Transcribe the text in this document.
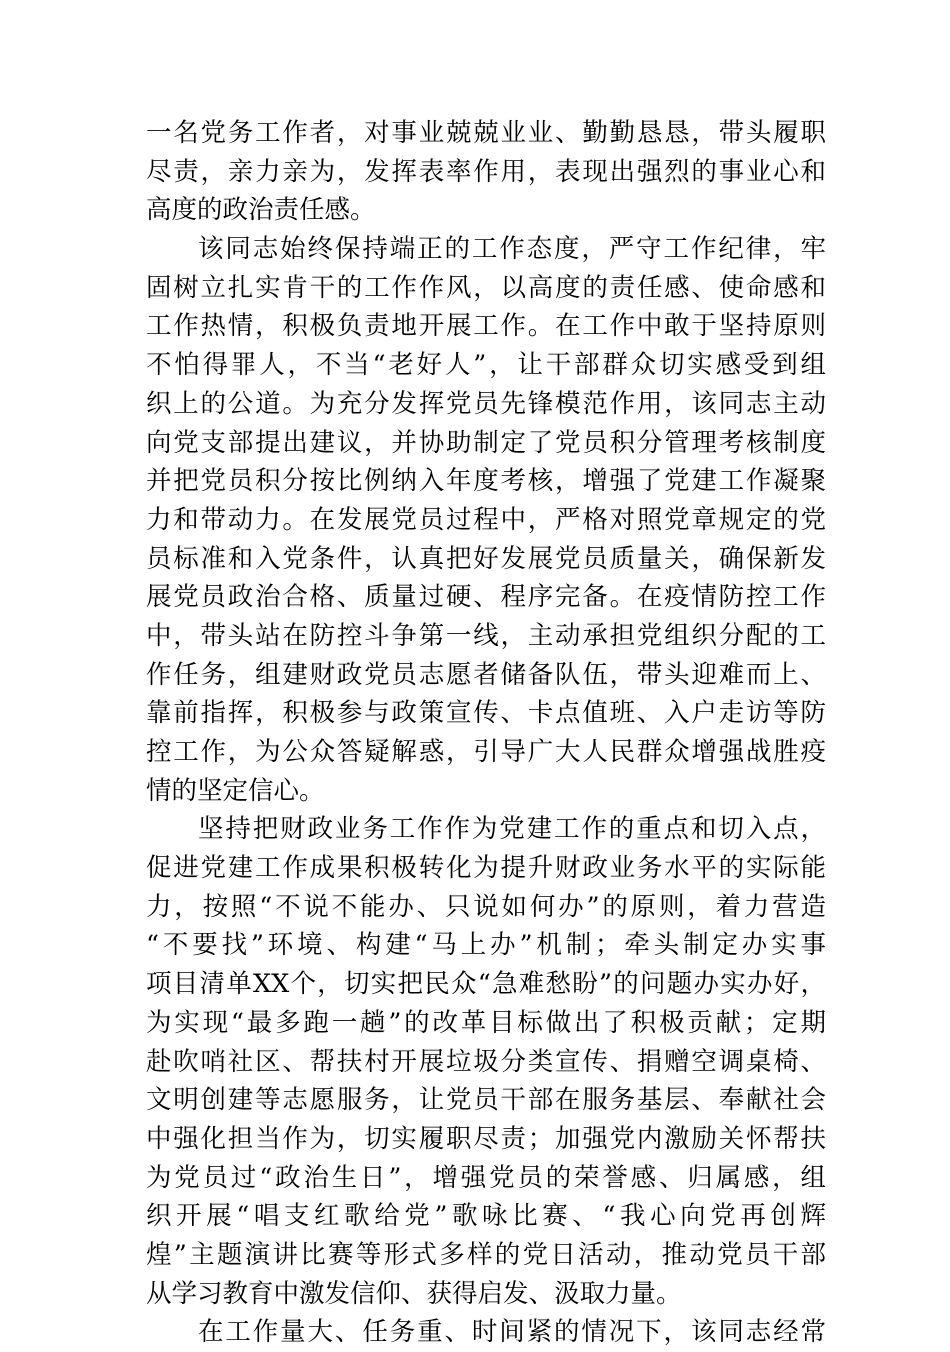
一名党务工作者，对事业兢兢业业、勤勤恳恳，带头履职
尽责，亲力亲为，发挥表率作用，表现出强烈的事业心和
高度的政治责任感。
该同志始终保持端正的工作态度，严守工作纪律，牢
固树立扎实肯干的工作作风，以高度的责任感、使命感和
工作热情，积极负责地开展工作。在工作中敢于坚持原则
不怕得罪人，不当“老好人”，让干部群众切实感受到组
织上的公道。为充分发挥党员先锋模范作用，该同志主动
向党支部提出建议，并协助制定了党员积分管理考核制度
并把党员积分按比例纳入年度考核，增强了党建工作凝聚
力和带动力。在发展党员过程中，严格对照党章规定的党
员标准和入党条件，认真把好发展党员质量关，确保新发
展党员政治合格、质量过硬、程序完备。在疫情防控工作
中，带头站在防控斗争第一线，主动承担党组织分配的工
作任务，组建财政党员志愿者储备队伍，带头迎难而上、
靠前指挥，积极参与政策宣传、卡点值班、入户走访等防
控工作，为公众答疑解惑，引导广大人民群众增强战胜疫
情的坚定信心。
坚持把财政业务工作作为党建工作的重点和切入点，
促进党建工作成果积极转化为提升财政业务水平的实际能
力，按照“不说不能办、只说如何办”的原则，着力营造
“不要找”环境、构建“马上办”机制；牵头制定办实事
项目清单XX个，切实把民众“急难愁盼”的问题办实办好，
为实现“最多跑一趟”的改革目标做出了积极贡献；定期
赴吹哨社区、帮扶村开展垃圾分类宣传、捐赠空调桌椅、
文明创建等志愿服务，让党员干部在服务基层、奉献社会
中强化担当作为，切实履职尽责；加强党内激励关怀帮扶
为党员过“政治生日”，增强党员的荣誉感、归属感，组
织开展“唱支红歌给党”歌咏比赛、“我心向党再创辉
煌”主题演讲比赛等形式多样的党日活动，推动党员干部
从学习教育中激发信仰、获得启发、汲取力量。
在工作量大、任务重、时间紧的情况下，该同志经常
